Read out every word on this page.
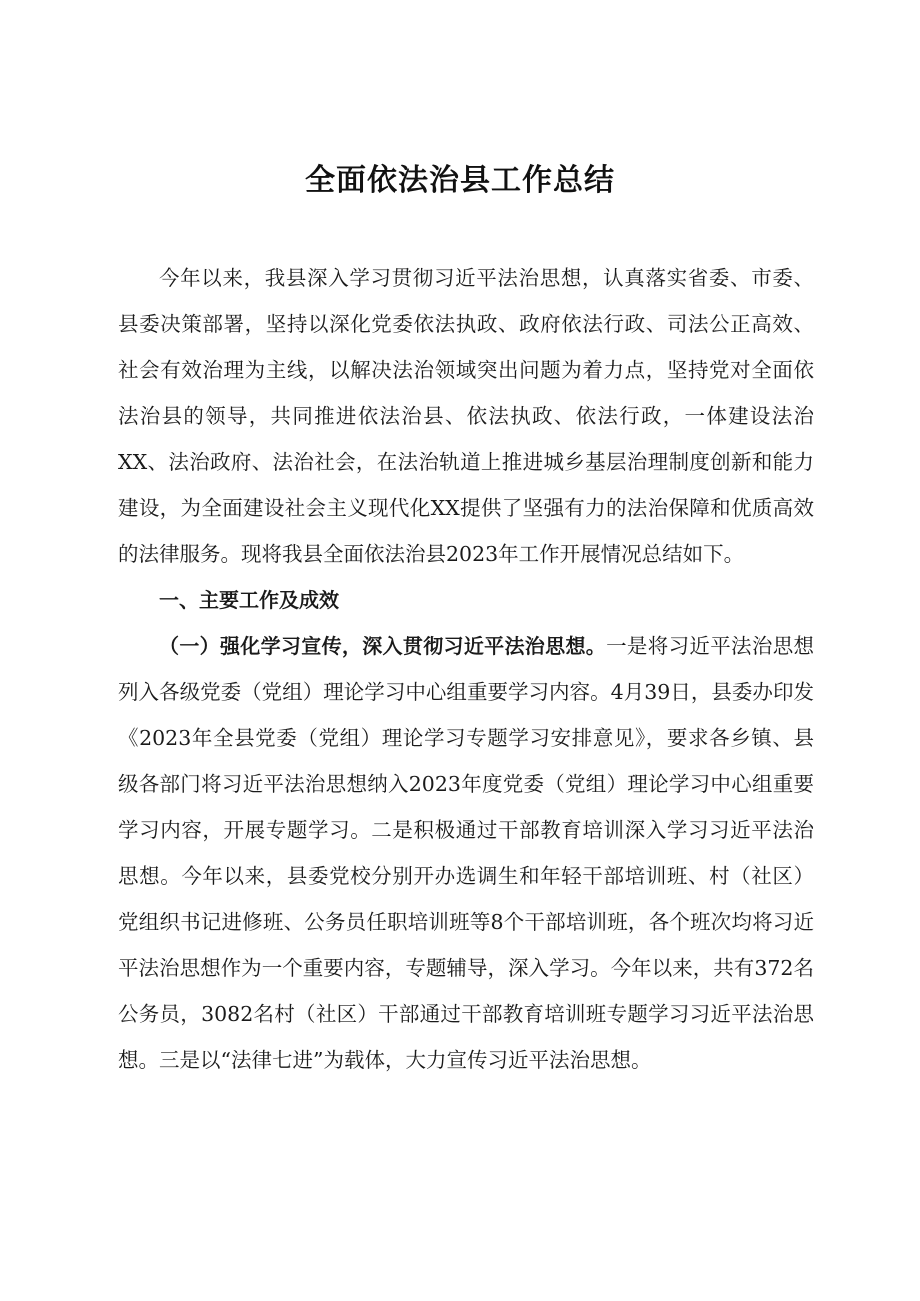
全面依法治县工作总结

今年以来，我县深入学习贯彻习近平法治思想，认真落实省委、市委、县委决策部署，坚持以深化党委依法执政、政府依法行政、司法公正高效、社会有效治理为主线，以解决法治领域突出问题为着力点，坚持党对全面依法治县的领导，共同推进依法治县、依法执政、依法行政，一体建设法治XX、法治政府、法治社会，在法治轨道上推进城乡基层治理制度创新和能力建设，为全面建设社会主义现代化XX提供了坚强有力的法治保障和优质高效的法律服务。现将我县全面依法治县2023年工作开展情况总结如下。

一、主要工作及成效

（一）强化学习宣传，深入贯彻习近平法治思想。一是将习近平法治思想列入各级党委（党组）理论学习中心组重要学习内容。4月39日，县委办印发《2023年全县党委（党组）理论学习专题学习安排意见》，要求各乡镇、县级各部门将习近平法治思想纳入2023年度党委（党组）理论学习中心组重要学习内容，开展专题学习。二是积极通过干部教育培训深入学习习近平法治思想。今年以来，县委党校分别开办选调生和年轻干部培训班、村（社区）党组织书记进修班、公务员任职培训班等8个干部培训班，各个班次均将习近平法治思想作为一个重要内容，专题辅导，深入学习。今年以来，共有372名公务员，3082名村（社区）干部通过干部教育培训班专题学习习近平法治思想。三是以“法律七进”为载体，大力宣传习近平法治思想。
